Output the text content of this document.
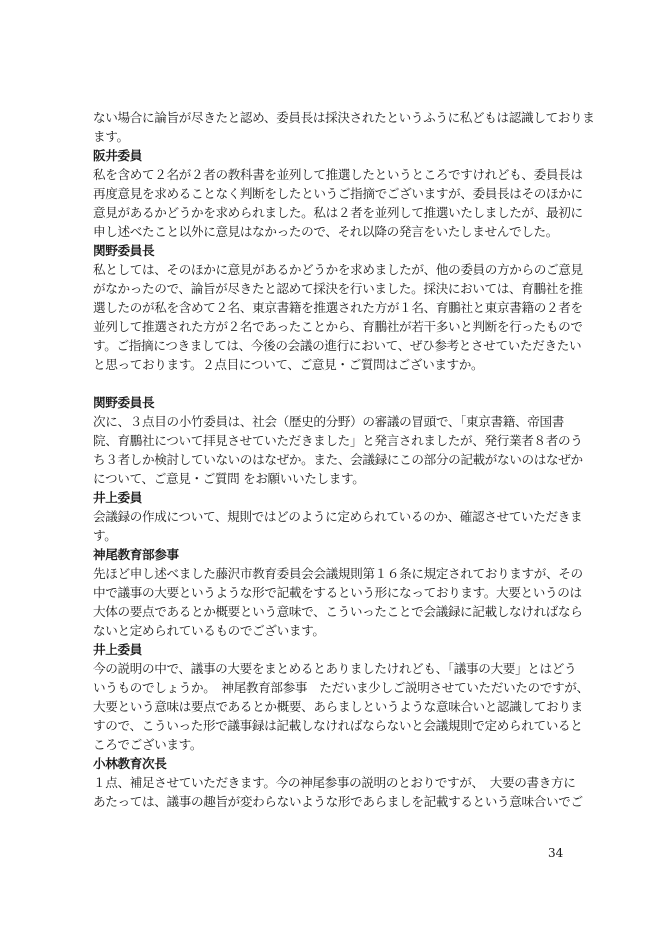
ない場合に論旨が尽きたと認め、委員長は採決されたというふうに私どもは認識しておりま
ます。
阪井委員
私を含めて２名が２者の教科書を並列して推選したというところですけれども、委員長は
再度意見を求めることなく判断をしたというご指摘でございますが、委員長はそのほかに
意見があるかどうかを求められました。私は２者を並列して推選いたしましたが、最初に
申し述べたこと以外に意見はなかったので、それ以降の発言をいたしませんでした。
関野委員長
私としては、そのほかに意見があるかどうかを求めましたが、他の委員の方からのご意見
がなかったので、論旨が尽きたと認めて採決を行いました。採決においては、育鵬社を推
選したのが私を含めて２名、東京書籍を推選された方が１名、育鵬社と東京書籍の２者を
並列して推選された方が２名であったことから、育鵬社が若干多いと判断を行ったもので
す。ご指摘につきましては、今後の会議の進行において、ぜひ参考とさせていただきたい
と思っております。２点目について、ご意見・ご質問はございますか。
関野委員長
次に、３点目の小竹委員は、社会（歴史的分野）の審議の冒頭で、「東京書籍、帝国書
院、育鵬社について拝見させていただきました」と発言されましたが、発行業者８者のう
ち３者しか検討していないのはなぜか。また、会議録にこの部分の記載がないのはなぜか
について、ご意見・ご質問 をお願いいたします。
井上委員
会議録の作成について、規則ではどのように定められているのか、確認させていただきま
す。
神尾教育部参事
先ほど申し述べました藤沢市教育委員会会議規則第１６条に規定されておりますが、その
中で議事の大要というような形で記載をするという形になっております。大要というのは
大体の要点であるとか概要という意味で、こういったことで会議録に記載しなければなら
ないと定められているものでございます。
井上委員
今の説明の中で、議事の大要をまとめるとありましたけれども、「議事の大要」とはどう
いうものでしょうか。　神尾教育部参事　ただいま少しご説明させていただいたのですが、
大要という意味は要点であるとか概要、あらましというような意味合いと認識しておりま
すので、こういった形で議事録は記載しなければならないと会議規則で定められていると
ころでございます。
小林教育次長
１点、補足させていただきます。今の神尾参事の説明のとおりですが、　大要の書き方に
あたっては、議事の趣旨が変わらないような形であらましを記載するという意味合いでご
34
